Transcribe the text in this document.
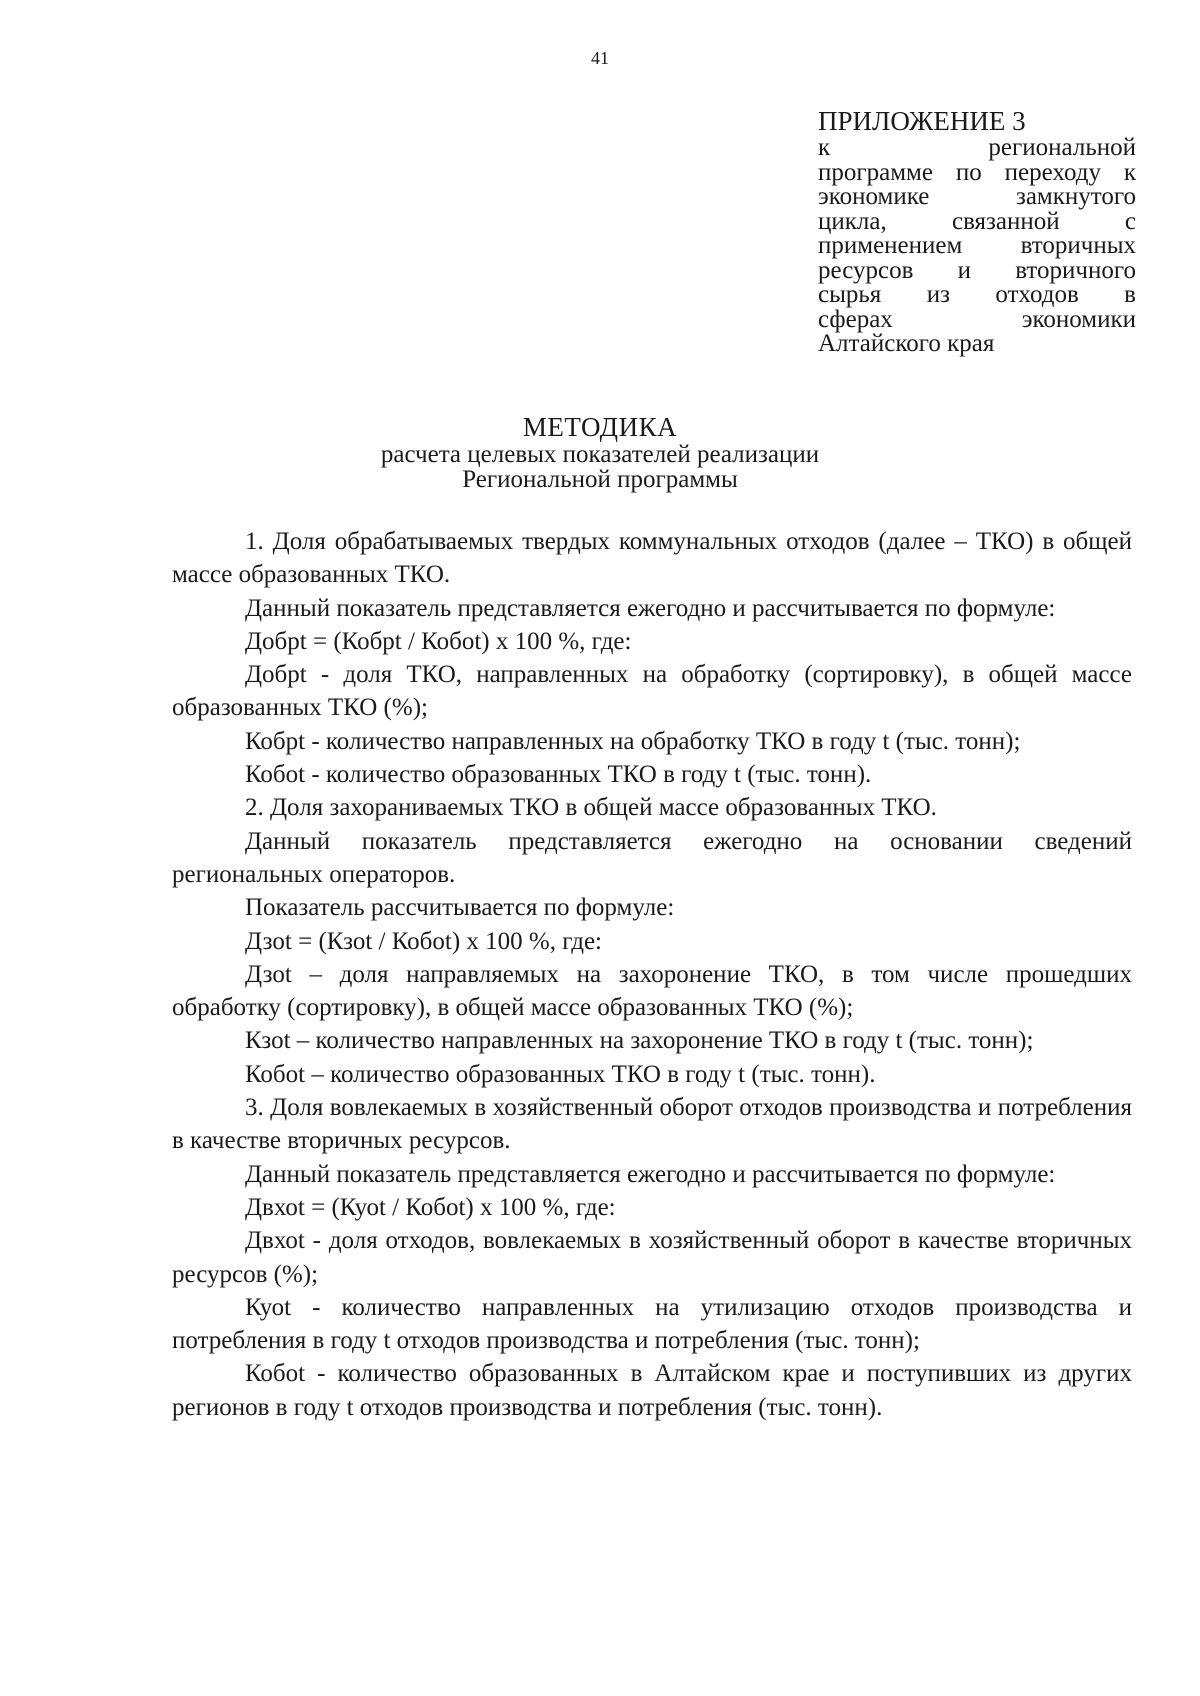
41
ПРИЛОЖЕНИЕ 3
к региональной
программе по переходу к
экономике замкнутого
цикла, связанной с
применением вторичных
ресурсов и вторичного
сырья из отходов в
сферах экономики
Алтайского края
МЕТОДИКА
расчета целевых показателей реализации
Региональной программы

1. Доля обрабатываемых твердых коммунальных отходов (далее – ТКО) в общей массе образованных ТКО.

Данный показатель представляется ежегодно и рассчитывается по формуле:

Добрt = (Кобрt / Кобоt) х 100 %, где:

Добрt - доля ТКО, направленных на обработку (сортировку), в общей массе образованных ТКО (%);

Кобрt - количество направленных на обработку ТКО в году t (тыс. тонн);

Кобоt - количество образованных ТКО в году t (тыс. тонн).

2. Доля захораниваемых ТКО в общей массе образованных ТКО.

Данный показатель представляется ежегодно на основании сведений региональных операторов.

Показатель рассчитывается по формуле:

Дзоt = (Кзоt / Кобоt) х 100 %, где:

Дзоt – доля направляемых на захоронение ТКО, в том числе прошедших обработку (сортировку), в общей массе образованных ТКО (%);

Кзоt – количество направленных на захоронение ТКО в году t (тыс. тонн);

Кобоt – количество образованных ТКО в году t (тыс. тонн).

3. Доля вовлекаемых в хозяйственный оборот отходов производства и потребления в качестве вторичных ресурсов.

Данный показатель представляется ежегодно и рассчитывается по формуле:

Двхоt = (Куоt / Кобоt) х 100 %, где:

Двхоt - доля отходов, вовлекаемых в хозяйственный оборот в качестве вторичных ресурсов (%);

Куоt - количество направленных на утилизацию отходов производства и потребления в году t отходов производства и потребления (тыс. тонн);

Кобоt - количество образованных в Алтайском крае и поступивших из других регионов в году t отходов производства и потребления (тыс. тонн).
